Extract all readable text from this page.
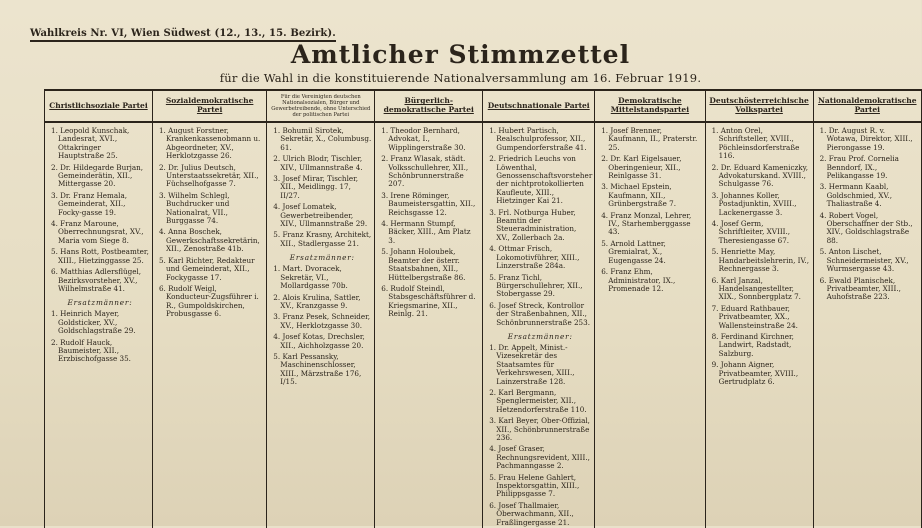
Wahlkreis Nr. VI, Wien Südwest (12., 13., 15. Bezirk).
Amtlicher Stimmzettel
für die Wahl in die konstituierende Nationalversammlung am 16. Februar 1919.
Christlichsoziale Partei
1. Leopold Kunschak, Landesrat, XVI., Ottakringer Hauptstraße 25.
2. Dr. Hildegarde Burjan, Gemeinderätin, XII., Mittergasse 20.
3. Dr. Franz Hemala, Gemeinderat, XII., Focky-gasse 19.
4. Franz Maroune, Oberrechnungsrat, XV., Maria vom Siege 8.
5. Hans Rott, Postbeamter, XIII., Hietzinggasse 25.
6. Matthias Adlersflügel, Bezirksvorsteher, XV., Wilhelmstraße 41.
Ersatzmänner:
1. Heinrich Mayer, Goldsticker, XV., Goldschlagstraße 29.
2. Rudolf Hauck, Baumeister, XII., Erzbischofgasse 35.
Sozialdemokratische Partei
1. August Forstner, Krankenkassenobmann u. Abgeordneter, XV., Herklotzgasse 26.
2. Dr. Julius Deutsch, Unterstaatssekretär, XII., Füchselhofgasse 7.
3. Wilhelm Schlegl, Buchdrucker und Nationalrat, VII., Burggasse 74.
4. Anna Boschek, Gewerkschaftssekretärin, XII., Zenostraße 41b.
5. Karl Richter, Redakteur und Gemeinderat, XII., Fockygasse 17.
6. Rudolf Weigl, Konducteur-Zugsführer i. R., Gumpoldskirchen, Probusgasse 6.
Für die Vereinigten deutschen Nationalsozialen, Bürger und Gewerbetreibende, ohne Unterschied der politischen Partei
1. Bohumil Sirotek, Sekretär, X., Columbusg. 61.
2. Ulrich Blodr, Tischler, XIV., Ullmannstraße 4.
3. Josef Mirar, Tischler, XII., Meidlingg. 17, II/27.
4. Josef Lomatek, Gewerbetreibender, XIV., Ullmannstraße 29.
5. Franz Krasny, Architekt, XII., Stadlergasse 21.
Ersatzmänner:
1. Mart. Dvoracek, Sekretär, VI., Mollardgasse 70b.
2. Alois Krulina, Sattler, XV., Kranzgasse 9.
3. Franz Pesek, Schneider, XV., Herklotzgasse 30.
4. Josef Kotas, Drechsler, XII., Aichholzgasse 20.
5. Karl Pessansky, Maschinenschlosser, XIII., Märzstraße 176, I/15.
Bürgerlich-demokratische Partei
1. Theodor Bernhard, Advokat, I., Wipplingerstraße 30.
2. Franz Wlasak, städt. Volksschullehrer, XII., Schönbrunnerstraße 207.
3. Irene Röminger, Baumeistersgattin, XII., Reichsgasse 12.
4. Hermann Stumpf, Bäcker, XIII., Am Platz 3.
5. Johann Holoubek, Beamter der österr. Staatsbahnen, XII., Hüttelbergstraße 86.
6. Rudolf Steindl, Stabsgeschäftsführer d. Kriegsmarine, XII., Reinlg. 21.
Deutschnationale Partei
1. Hubert Partisch, Realschulprofessor, XII., Gumpendorferstraße 41.
2. Friedrich Leuchs von Löwenthal, Genossenschaftsvorsteher der nichtprotokollierten Kaufleute, XIII., Hietzinger Kai 21.
3. Frl. Notburga Huber, Beamtin der Steueradministration, XV., Zollerbach 2a.
4. Ottmar Frisch, Lokomotivführer, XIII., Linzerstraße 284a.
5. Franz Tichl, Bürgerschullehrer, XII., Stobergasse 29.
6. Josef Streck, Kontrollor der Straßenbahnen, XII., Schönbrunnerstraße 253.
Ersatzmänner:
1. Dr. Appelt, Minist.-Vizesekretär des Staatsamtes für Verkehrswesen, XIII., Lainzerstraße 128.
2. Karl Bergmann, Spenglermeister, XII., Hetzendorferstraße 110.
3. Karl Beyer, Ober-Offizial, XII., Schönbrunnerstraße 236.
4. Josef Graser, Rechnungsrevident, XIII., Pachmanngasse 2.
5. Frau Helene Gahlert, Inspektorsgattin, XIII., Philippsgasse 7.
6. Josef Thallmaier, Oberwachmann, XII., Fraßlingergasse 21.
Demokratische Mittelstandspartei
1. Josef Brenner, Kaufmann, II., Praterstr. 25.
2. Dr. Karl Eigelsauer, Oberingenieur, XII., Reinlgasse 31.
3. Michael Epstein, Kaufmann, XII., Grünbergstraße 7.
4. Franz Monzal, Lehrer, IV., Starhemberggasse 43.
5. Arnold Lattner, Gremialrat, X., Eugengasse 24.
6. Franz Ehm, Administrator, IX., Promenade 12.
Deutschösterreichische Volkspartei
1. Anton Orel, Schriftsteller, XVIII., Pöchleinsdorferstraße 116.
2. Dr. Eduard Kameniczky, Advokaturskand. XVIII., Schulgasse 76.
3. Johannes Koller, Postadjunktin, XVIII., Lackenergasse 3.
4. Josef Germ, Schriftleiter, XVIII., Theresiengasse 67.
5. Henriette May, Handarbeitslehrerin, IV., Rechnergasse 3.
6. Karl Janzal, Handelsangestellter, XIX., Sonnbergplatz 7.
7. Eduard Rathbauer, Privatbeamter, XX., Wallensteinstraße 24.
8. Ferdinand Kirchner, Landwirt, Radstadt, Salzburg.
9. Johann Aigner, Privatbeamter, XVIII., Gertrudplatz 6.
Nationaldemokratische Partei
1. Dr. August R. v. Wotawa, Direktor, XIII., Pierongasse 19.
2. Frau Prof. Cornelia Benndorf, IX., Pelikangasse 19.
3. Hermann Kaabl, Goldschmied, XV., Thaliastraße 4.
4. Robert Vogel, Oberschaffner der Stb., XIV., Goldschlagstraße 88.
5. Anton Lischet, Schneidermeister, XV., Wurmsergasse 43.
6. Ewald Planischek, Privatbeamter, XIII., Auhofstraße 223.
